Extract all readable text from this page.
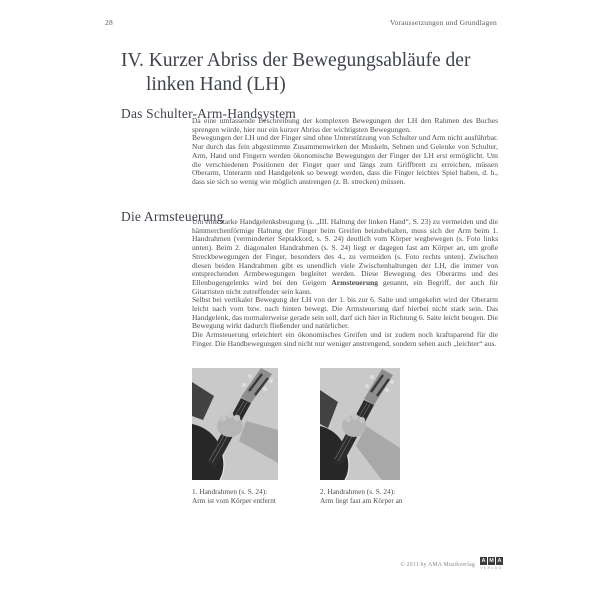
28	Voraussetzungen und Grundlagen
IV. Kurzer Abriss der Bewegungsabläufe der
linken Hand (LH)
Das Schulter-Arm-Handsystem

Da eine umfassende Beschreibung der komplexen Bewegungen der LH den Rahmen des Buches sprengen würde, hier nur ein kurzer Abriss der wichtigsten Bewegungen.

Bewegungen der LH und der Finger sind ohne Unterstützung von Schulter und Arm nicht ausführbar. Nur durch das fein abgestimmte Zusammenwirken der Muskeln, Sehnen und Gelenke von Schulter, Arm, Hand und Fingern werden ökonomische Bewegungen der Finger der LH erst ermöglicht. Um die verschiedenen Positionen der Finger quer und längs zum Griffbrett zu erreichen, müssen Oberarm, Unterarm und Handgelenk so bewegt werden, dass die Finger leichtes Spiel haben, d. h., dass sie sich so wenig wie möglich anstrengen (z. B. strecken) müssen.

Die Armsteuerung

Um eine starke Handgelenksbeugung (s. „III. Haltung der linken Hand“, S. 23) zu vermeiden und die hämmerchenförmige Haltung der Finger beim Greifen beizubehalten, muss sich der Arm beim 1. Handrahmen (verminderter Septakkord, s. S. 24) deutlich vom Körper wegbewegen (s. Foto links unten). Beim 2. diagonalen Handrahmen (s. S. 24) liegt er dagegen fast am Körper an, um große Streckbewegungen der Finger, besonders des 4., zu vermeiden (s. Foto rechts unten). Zwischen diesen beiden Handrahmen gibt es unendlich viele Zwischenhaltungen der LH, die immer von entsprechenden Armbewegungen begleitet werden. Diese Bewegung des Oberarms und des Ellenbogengelenks wird bei den Geigern Armsteuerung genannt, ein Begriff, der auch für Gitarristen nicht zutreffender sein kann.

Selbst bei vertikaler Bewegung der LH von der 1. bis zur 6. Saite und umgekehrt wird der Oberarm leicht nach vorn bzw. nach hinten bewegt. Die Armsteuerung darf hierbei nicht stark sein. Das Handgelenk, das normalerweise gerade sein soll, darf sich hier in Richtung 6. Saite leicht beugen. Die Bewegung wirkt dadurch fließender und natürlicher.

Die Armsteuerung erleichtert ein ökonomisches Greifen und ist zudem noch kraftsparend für die Finger. Die Handbewegungen sind nicht nur weniger anstrengend, sondern sehen auch „leichter“ aus.

1. Handrahmen (s. S. 24):
Arm ist vom Körper entfernt
2. Handrahmen (s. S. 24):
Arm liegt fast am Körper an
© 2011 by AMA Musikverlag
A M A
VERLAG
